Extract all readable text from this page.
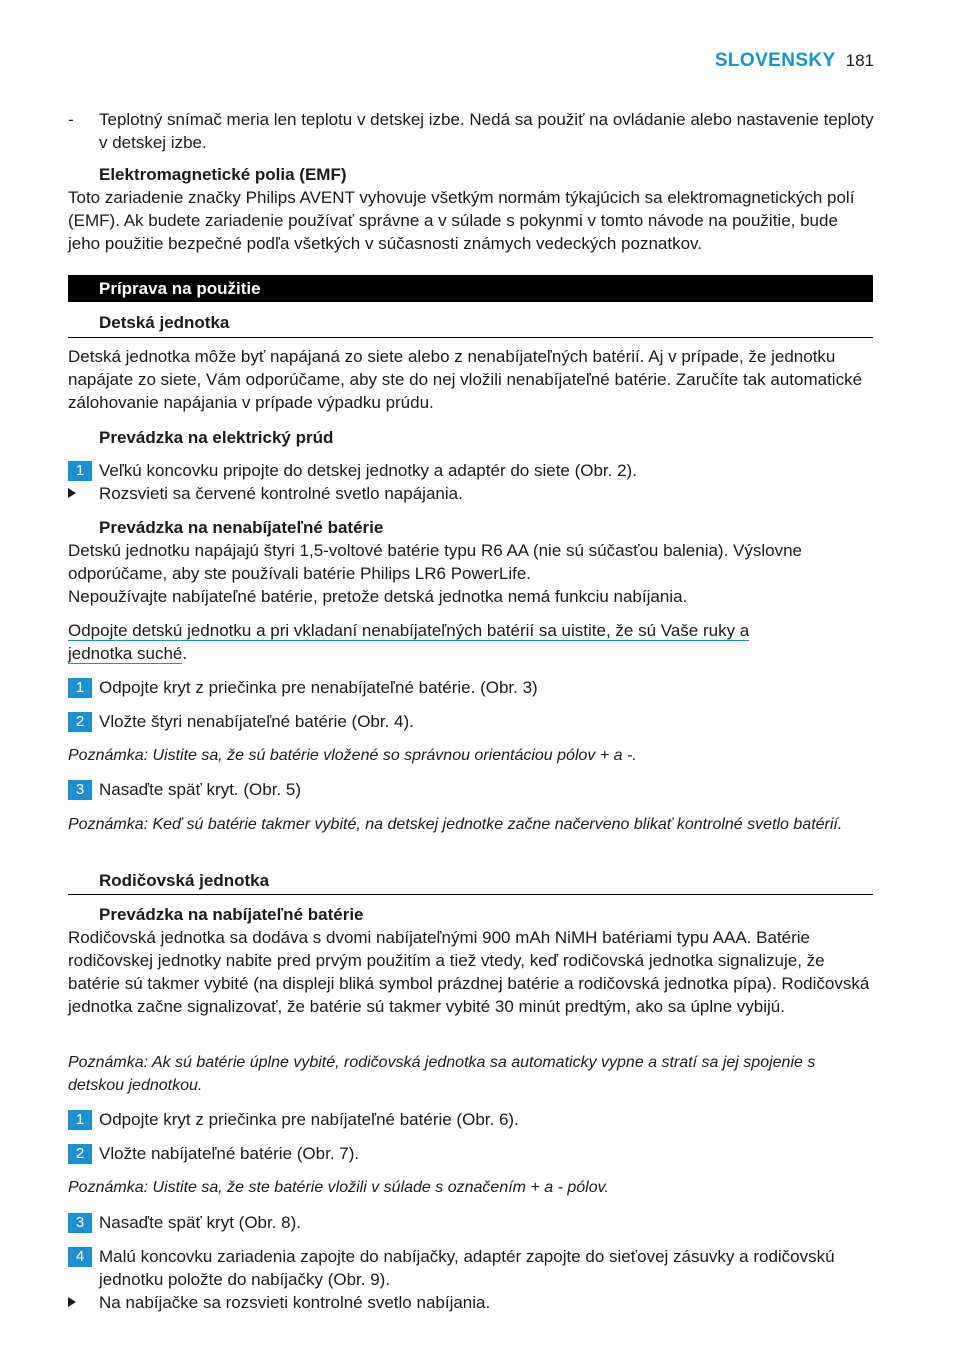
SLOVENSKY 181
- Teplotný snímač meria len teplotu v detskej izbe. Nedá sa použiť na ovládanie alebo nastavenie teploty v detskej izbe.
Elektromagnetické polia (EMF)
Toto zariadenie značky Philips AVENT vyhovuje všetkým normám týkajúcich sa elektromagnetických polí (EMF). Ak budete zariadenie používať správne a v súlade s pokynmi v tomto návode na použitie, bude jeho použitie bezpečné podľa všetkých v súčasnosti známych vedeckých poznatkov.
Príprava na použitie
Detská jednotka
Detská jednotka môže byť napájaná zo siete alebo z nenabíjateľných batérií. Aj v prípade, že jednotku napájate zo siete, Vám odporúčame, aby ste do nej vložili nenabíjateľné batérie. Zaručíte tak automatické zálohovanie napájania v prípade výpadku prúdu.
Prevádzka na elektrický prúd
1 Veľkú koncovku pripojte do detskej jednotky a adaptér do siete (Obr. 2).
Rozsvieti sa červené kontrolné svetlo napájania.
Prevádzka na nenabíjateľné batérie
Detskú jednotku napájajú štyri 1,5-voltové batérie typu R6 AA (nie sú súčasťou balenia). Výslovne odporúčame, aby ste používali batérie Philips LR6 PowerLife.
Nepoužívajte nabíjateľné batérie, pretože detská jednotka nemá funkciu nabíjania.
Odpojte detskú jednotku a pri vkladaní nenabíjateľných batérií sa uistite, že sú Vaše ruky a
jednotka suché.
1 Odpojte kryt z priečinka pre nenabíjateľné batérie. (Obr. 3)
2 Vložte štyri nenabíjateľné batérie (Obr. 4).
Poznámka: Uistite sa, že sú batérie vložené so správnou orientáciou pólov + a -.
3 Nasaďte späť kryt. (Obr. 5)
Poznámka: Keď sú batérie takmer vybité, na detskej jednotke začne načerveno blikať kontrolné svetlo batérií.
Rodičovská jednotka
Prevádzka na nabíjateľné batérie
Rodičovská jednotka sa dodáva s dvomi nabíjateľnými 900 mAh NiMH batériami typu AAA. Batérie rodičovskej jednotky nabite pred prvým použitím a tiež vtedy, keď rodičovská jednotka signalizuje, že batérie sú takmer vybité (na displeji bliká symbol prázdnej batérie a rodičovská jednotka pípa). Rodičovská jednotka začne signalizovať, že batérie sú takmer vybité 30 minút predtým, ako sa úplne vybijú.
Poznámka: Ak sú batérie úplne vybité, rodičovská jednotka sa automaticky vypne a stratí sa jej spojenie s detskou jednotkou.
1 Odpojte kryt z priečinka pre nabíjateľné batérie (Obr. 6).
2 Vložte nabíjateľné batérie (Obr. 7).
Poznámka: Uistite sa, že ste batérie vložili v súlade s označením + a - pólov.
3 Nasaďte späť kryt (Obr. 8).
4 Malú koncovku zariadenia zapojte do nabíjačky, adaptér zapojte do sieťovej zásuvky a rodičovskú jednotku položte do nabíjačky (Obr. 9).
Na nabíjačke sa rozsvieti kontrolné svetlo nabíjania.
